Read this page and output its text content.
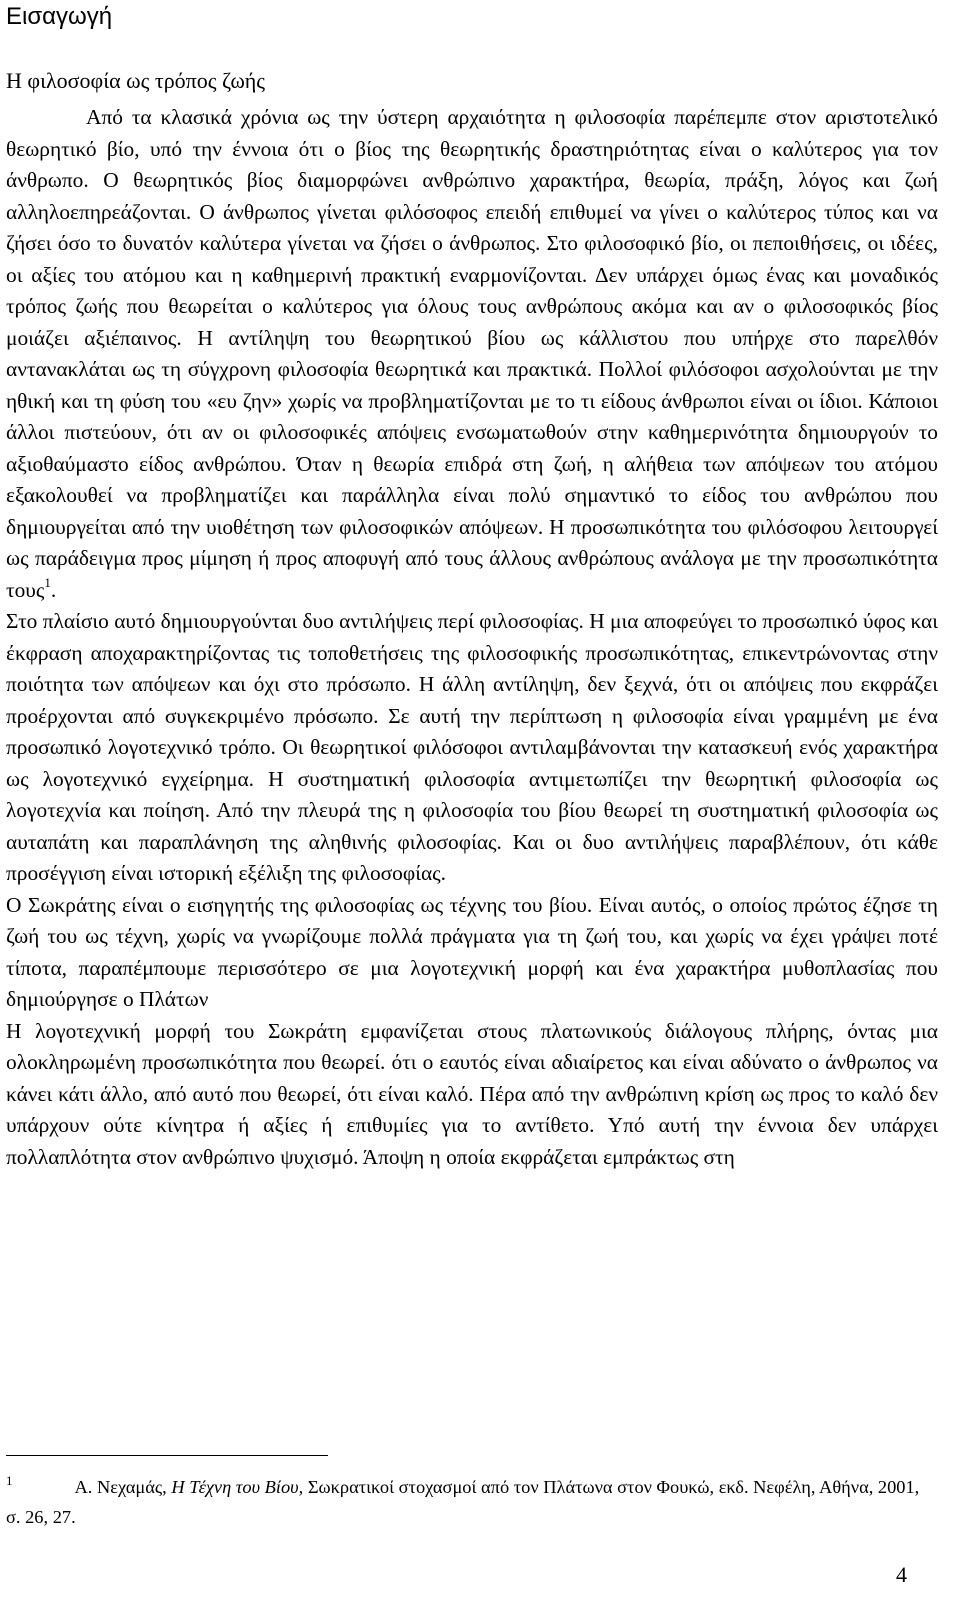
Εισαγωγή
Η φιλοσοφία ως τρόπος ζωής

Από τα κλασικά χρόνια ως την ύστερη αρχαιότητα η φιλοσοφία παρέπεμπε στον αριστοτελικό θεωρητικό βίο, υπό την έννοια ότι ο βίος της θεωρητικής δραστηριότητας είναι ο καλύτερος για τον άνθρωπο. Ο θεωρητικός βίος διαμορφώνει ανθρώπινο χαρακτήρα, θεωρία, πράξη, λόγος και ζωή αλληλοεπηρεάζονται. Ο άνθρωπος γίνεται φιλόσοφος επειδή επιθυμεί να γίνει ο καλύτερος τύπος και να ζήσει όσο το δυνατόν καλύτερα γίνεται να ζήσει ο άνθρωπος. Στο φιλοσοφικό βίο, οι πεποιθήσεις, οι ιδέες, οι αξίες του ατόμου και η καθημερινή πρακτική εναρμονίζονται. Δεν υπάρχει όμως ένας και μοναδικός τρόπος ζωής που θεωρείται ο καλύτερος για όλους τους ανθρώπους ακόμα και αν ο φιλοσοφικός βίος μοιάζει αξιέπαινος. Η αντίληψη του θεωρητικού βίου ως κάλλιστου που υπήρχε στο παρελθόν αντανακλάται ως τη σύγχρονη φιλοσοφία θεωρητικά και πρακτικά. Πολλοί φιλόσοφοι ασχολούνται με την ηθική και τη φύση του «ευ ζην» χωρίς να προβληματίζονται με το τι είδους άνθρωποι είναι οι ίδιοι. Κάποιοι άλλοι πιστεύουν, ότι αν οι φιλοσοφικές απόψεις ενσωματωθούν στην καθημερινότητα δημιουργούν το αξιοθαύμαστο είδος ανθρώπου. Όταν η θεωρία επιδρά στη ζωή, η αλήθεια των απόψεων του ατόμου εξακολουθεί να προβληματίζει και παράλληλα είναι πολύ σημαντικό το είδος του ανθρώπου που δημιουργείται από την υιοθέτηση των φιλοσοφικών απόψεων. Η προσωπικότητα του φιλόσοφου λειτουργεί ως παράδειγμα προς μίμηση ή προς αποφυγή από τους άλλους ανθρώπους ανάλογα με την προσωπικότητα τους$^1$.

Στο πλαίσιο αυτό δημιουργούνται δυο αντιλήψεις περί φιλοσοφίας. Η μια αποφεύγει το προσωπικό ύφος και έκφραση αποχαρακτηρίζοντας τις τοποθετήσεις της φιλοσοφικής προσωπικότητας, επικεντρώνοντας στην ποιότητα των απόψεων και όχι στο πρόσωπο. Η άλλη αντίληψη, δεν ξεχνά, ότι οι απόψεις που εκφράζει προέρχονται από συγκεκριμένο πρόσωπο. Σε αυτή την περίπτωση η φιλοσοφία είναι γραμμένη με ένα προσωπικό λογοτεχνικό τρόπο. Οι θεωρητικοί φιλόσοφοι αντιλαμβάνονται την κατασκευή ενός χαρακτήρα ως λογοτεχνικό εγχείρημα. Η συστηματική φιλοσοφία αντιμετωπίζει την θεωρητική φιλοσοφία ως λογοτεχνία και ποίηση. Από την πλευρά της η φιλοσοφία του βίου θεωρεί τη συστηματική φιλοσοφία ως αυταπάτη και παραπλάνηση της αληθινής φιλοσοφίας. Και οι δυο αντιλήψεις παραβλέπουν, ότι κάθε προσέγγιση είναι ιστορική εξέλιξη της φιλοσοφίας.

Ο Σωκράτης είναι ο εισηγητής της φιλοσοφίας ως τέχνης του βίου. Είναι αυτός, ο οποίος πρώτος έζησε τη ζωή του ως τέχνη, χωρίς να γνωρίζουμε πολλά πράγματα για τη ζωή του, και χωρίς να έχει γράψει ποτέ τίποτα, παραπέμπουμε περισσότερο σε μια λογοτεχνική μορφή και ένα χαρακτήρα μυθοπλασίας που δημιούργησε ο Πλάτων

Η λογοτεχνική μορφή του Σωκράτη εμφανίζεται στους πλατωνικούς διάλογους πλήρης, όντας μια ολοκληρωμένη προσωπικότητα που θεωρεί. ότι ο εαυτός είναι αδιαίρετος και είναι αδύνατο ο άνθρωπος να κάνει κάτι άλλο, από αυτό που θεωρεί, ότι είναι καλό. Πέρα από την ανθρώπινη κρίση ως προς το καλό δεν υπάρχουν ούτε κίνητρα ή αξίες ή επιθυμίες για το αντίθετο. Υπό αυτή την έννοια δεν υπάρχει πολλαπλότητα στον ανθρώπινο ψυχισμό. Άποψη η οποία εκφράζεται εμπράκτως στη

$^1$	Α. Νεχαμάς, Η Τέχνη του Βίου, Σωκρατικοί στοχασμοί από τον Πλάτωνα στον Φουκώ, εκδ. Νεφέλη, Αθήνα, 2001, σ. 26, 27.
4
